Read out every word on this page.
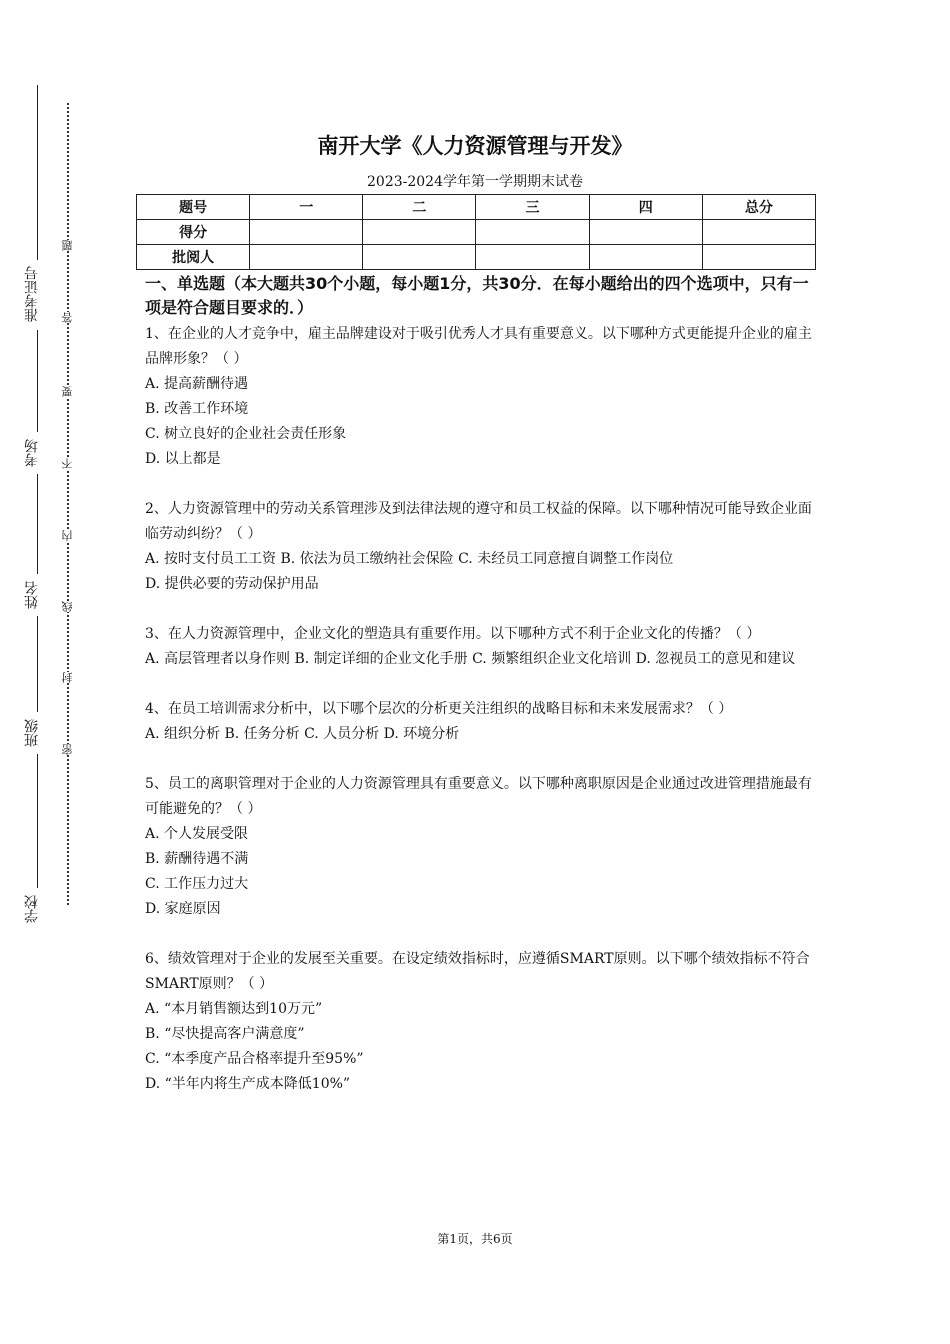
准考证号
考场
姓名
班级
学校
题
答
要
不
内
线
封
密
南开大学《人力资源管理与开发》
2023-2024学年第一学期期末试卷
题号	一	二	三	四	总分
得分					
批阅人					

一、单选题（本大题共30个小题，每小题1分，共30分．在每小题给出的四个选项中，只有一项是符合题目要求的．）

1、在企业的人才竞争中，雇主品牌建设对于吸引优秀人才具有重要意义。以下哪种方式更能提升企业的雇主品牌形象？（ ）

A. 提高薪酬待遇

B. 改善工作环境

C. 树立良好的企业社会责任形象

D. 以上都是

2、人力资源管理中的劳动关系管理涉及到法律法规的遵守和员工权益的保障。以下哪种情况可能导致企业面临劳动纠纷？（ ）

A. 按时支付员工工资 B. 依法为员工缴纳社会保险 C. 未经员工同意擅自调整工作岗位

D. 提供必要的劳动保护用品

3、在人力资源管理中，企业文化的塑造具有重要作用。以下哪种方式不利于企业文化的传播？（ ）

A. 高层管理者以身作则 B. 制定详细的企业文化手册 C. 频繁组织企业文化培训 D. 忽视员工的意见和建议

4、在员工培训需求分析中，以下哪个层次的分析更关注组织的战略目标和未来发展需求？（ ）

A. 组织分析 B. 任务分析 C. 人员分析 D. 环境分析

5、员工的离职管理对于企业的人力资源管理具有重要意义。以下哪种离职原因是企业通过改进管理措施最有可能避免的？（ ）

A. 个人发展受限

B. 薪酬待遇不满

C. 工作压力过大

D. 家庭原因

6、绩效管理对于企业的发展至关重要。在设定绩效指标时，应遵循SMART原则。以下哪个绩效指标不符合SMART原则？（ ）

A. “本月销售额达到10万元”

B. “尽快提高客户满意度”

C. “本季度产品合格率提升至95%”

D. “半年内将生产成本降低10%”

第1页，共6页
